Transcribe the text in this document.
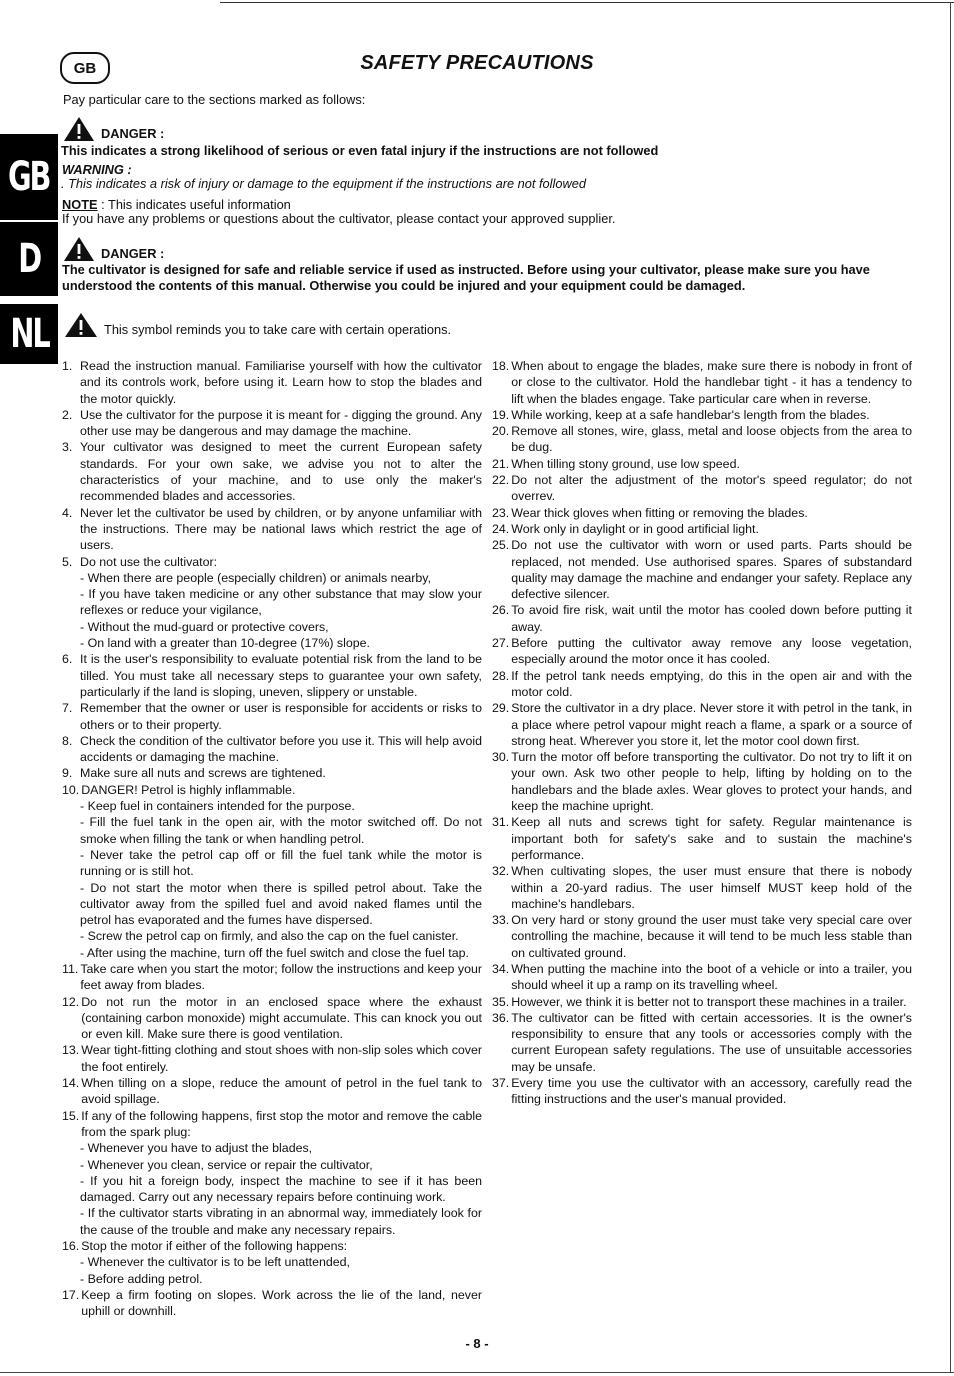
GB
D
NL
GB	SAFETY PRECAUTIONS
Pay particular care to the sections marked as follows:
DANGER :
This indicates a strong likelihood of serious or even fatal injury if the instructions are not followed
WARNING :
. This indicates a risk of injury or damage to the equipment if the instructions are not followed
NOTE : This indicates useful information
If you have any problems or questions about the cultivator, please contact your approved supplier.
DANGER :
The cultivator is designed for safe and reliable service if used as instructed. Before using your cultivator, please make sure you have
understood the contents of this manual. Otherwise you could be injured and your equipment could be damaged.
This symbol reminds you to take care with certain operations.
1. Read the instruction manual. Familiarise yourself with how the cultivator and its controls work, before using it. Learn how to stop the blades and the motor quickly.
2. Use the cultivator for the purpose it is meant for - digging the ground. Any other use may be dangerous and may damage the machine.
3. Your cultivator was designed to meet the current European safety standards. For your own sake, we advise you not to alter the characteristics of your machine, and to use only the maker's recommended blades and accessories.
4. Never let the cultivator be used by children, or by anyone unfamiliar with the instructions. There may be national laws which restrict the age of users.
5. Do not use the cultivator:
- When there are people (especially children) or animals nearby,
- If you have taken medicine or any other substance that may slow your reflexes or reduce your vigilance,
- Without the mud-guard or protective covers,
- On land with a greater than 10-degree (17%) slope.
6. It is the user's responsibility to evaluate potential risk from the land to be tilled. You must take all necessary steps to guarantee your own safety, particularly if the land is sloping, uneven, slippery or unstable.
7. Remember that the owner or user is responsible for accidents or risks to others or to their property.
8. Check the condition of the cultivator before you use it. This will help avoid accidents or damaging the machine.
9. Make sure all nuts and screws are tightened.
10. DANGER! Petrol is highly inflammable.
- Keep fuel in containers intended for the purpose.
- Fill the fuel tank in the open air, with the motor switched off. Do not smoke when filling the tank or when handling petrol.
- Never take the petrol cap off or fill the fuel tank while the motor is running or is still hot.
- Do not start the motor when there is spilled petrol about. Take the cultivator away from the spilled fuel and avoid naked flames until the petrol has evaporated and the fumes have dispersed.
- Screw the petrol cap on firmly, and also the cap on the fuel canister.
- After using the machine, turn off the fuel switch and close the fuel tap.
11. Take care when you start the motor; follow the instructions and keep your feet away from blades.
12. Do not run the motor in an enclosed space where the exhaust (containing carbon monoxide) might accumulate. This can knock you out or even kill. Make sure there is good ventilation.
13. Wear tight-fitting clothing and stout shoes with non-slip soles which cover the foot entirely.
14. When tilling on a slope, reduce the amount of petrol in the fuel tank to avoid spillage.
15. If any of the following happens, first stop the motor and remove the cable from the spark plug:
- Whenever you have to adjust the blades,
- Whenever you clean, service or repair the cultivator,
- If you hit a foreign body, inspect the machine to see if it has been damaged. Carry out any necessary repairs before continuing work.
- If the cultivator starts vibrating in an abnormal way, immediately look for the cause of the trouble and make any necessary repairs.
16. Stop the motor if either of the following happens:
- Whenever the cultivator is to be left unattended,
- Before adding petrol.
17. Keep a firm footing on slopes. Work across the lie of the land, never uphill or downhill.
18. When about to engage the blades, make sure there is nobody in front of or close to the cultivator. Hold the handlebar tight - it has a tendency to lift when the blades engage. Take particular care when in reverse.
19. While working, keep at a safe handlebar's length from the blades.
20. Remove all stones, wire, glass, metal and loose objects from the area to be dug.
21. When tilling stony ground, use low speed.
22. Do not alter the adjustment of the motor's speed regulator; do not overrev.
23. Wear thick gloves when fitting or removing the blades.
24. Work only in daylight or in good artificial light.
25. Do not use the cultivator with worn or used parts. Parts should be replaced, not mended. Use authorised spares. Spares of substandard quality may damage the machine and endanger your safety. Replace any defective silencer.
26. To avoid fire risk, wait until the motor has cooled down before putting it away.
27. Before putting the cultivator away remove any loose vegetation, especially around the motor once it has cooled.
28. If the petrol tank needs emptying, do this in the open air and with the motor cold.
29. Store the cultivator in a dry place. Never store it with petrol in the tank, in a place where petrol vapour might reach a flame, a spark or a source of strong heat. Wherever you store it, let the motor cool down first.
30. Turn the motor off before transporting the cultivator. Do not try to lift it on your own. Ask two other people to help, lifting by holding on to the handlebars and the blade axles. Wear gloves to protect your hands, and keep the machine upright.
31. Keep all nuts and screws tight for safety. Regular maintenance is important both for safety's sake and to sustain the machine's performance.
32. When cultivating slopes, the user must ensure that there is nobody within a 20-yard radius. The user himself MUST keep hold of the machine's handlebars.
33. On very hard or stony ground the user must take very special care over controlling the machine, because it will tend to be much less stable than on cultivated ground.
34. When putting the machine into the boot of a vehicle or into a trailer, you should wheel it up a ramp on its travelling wheel.
35. However, we think it is better not to transport these machines in a trailer.
36. The cultivator can be fitted with certain accessories. It is the owner's responsibility to ensure that any tools or accessories comply with the current European safety regulations. The use of unsuitable accessories may be unsafe.
37. Every time you use the cultivator with an accessory, carefully read the fitting instructions and the user's manual provided.
- 8 -
